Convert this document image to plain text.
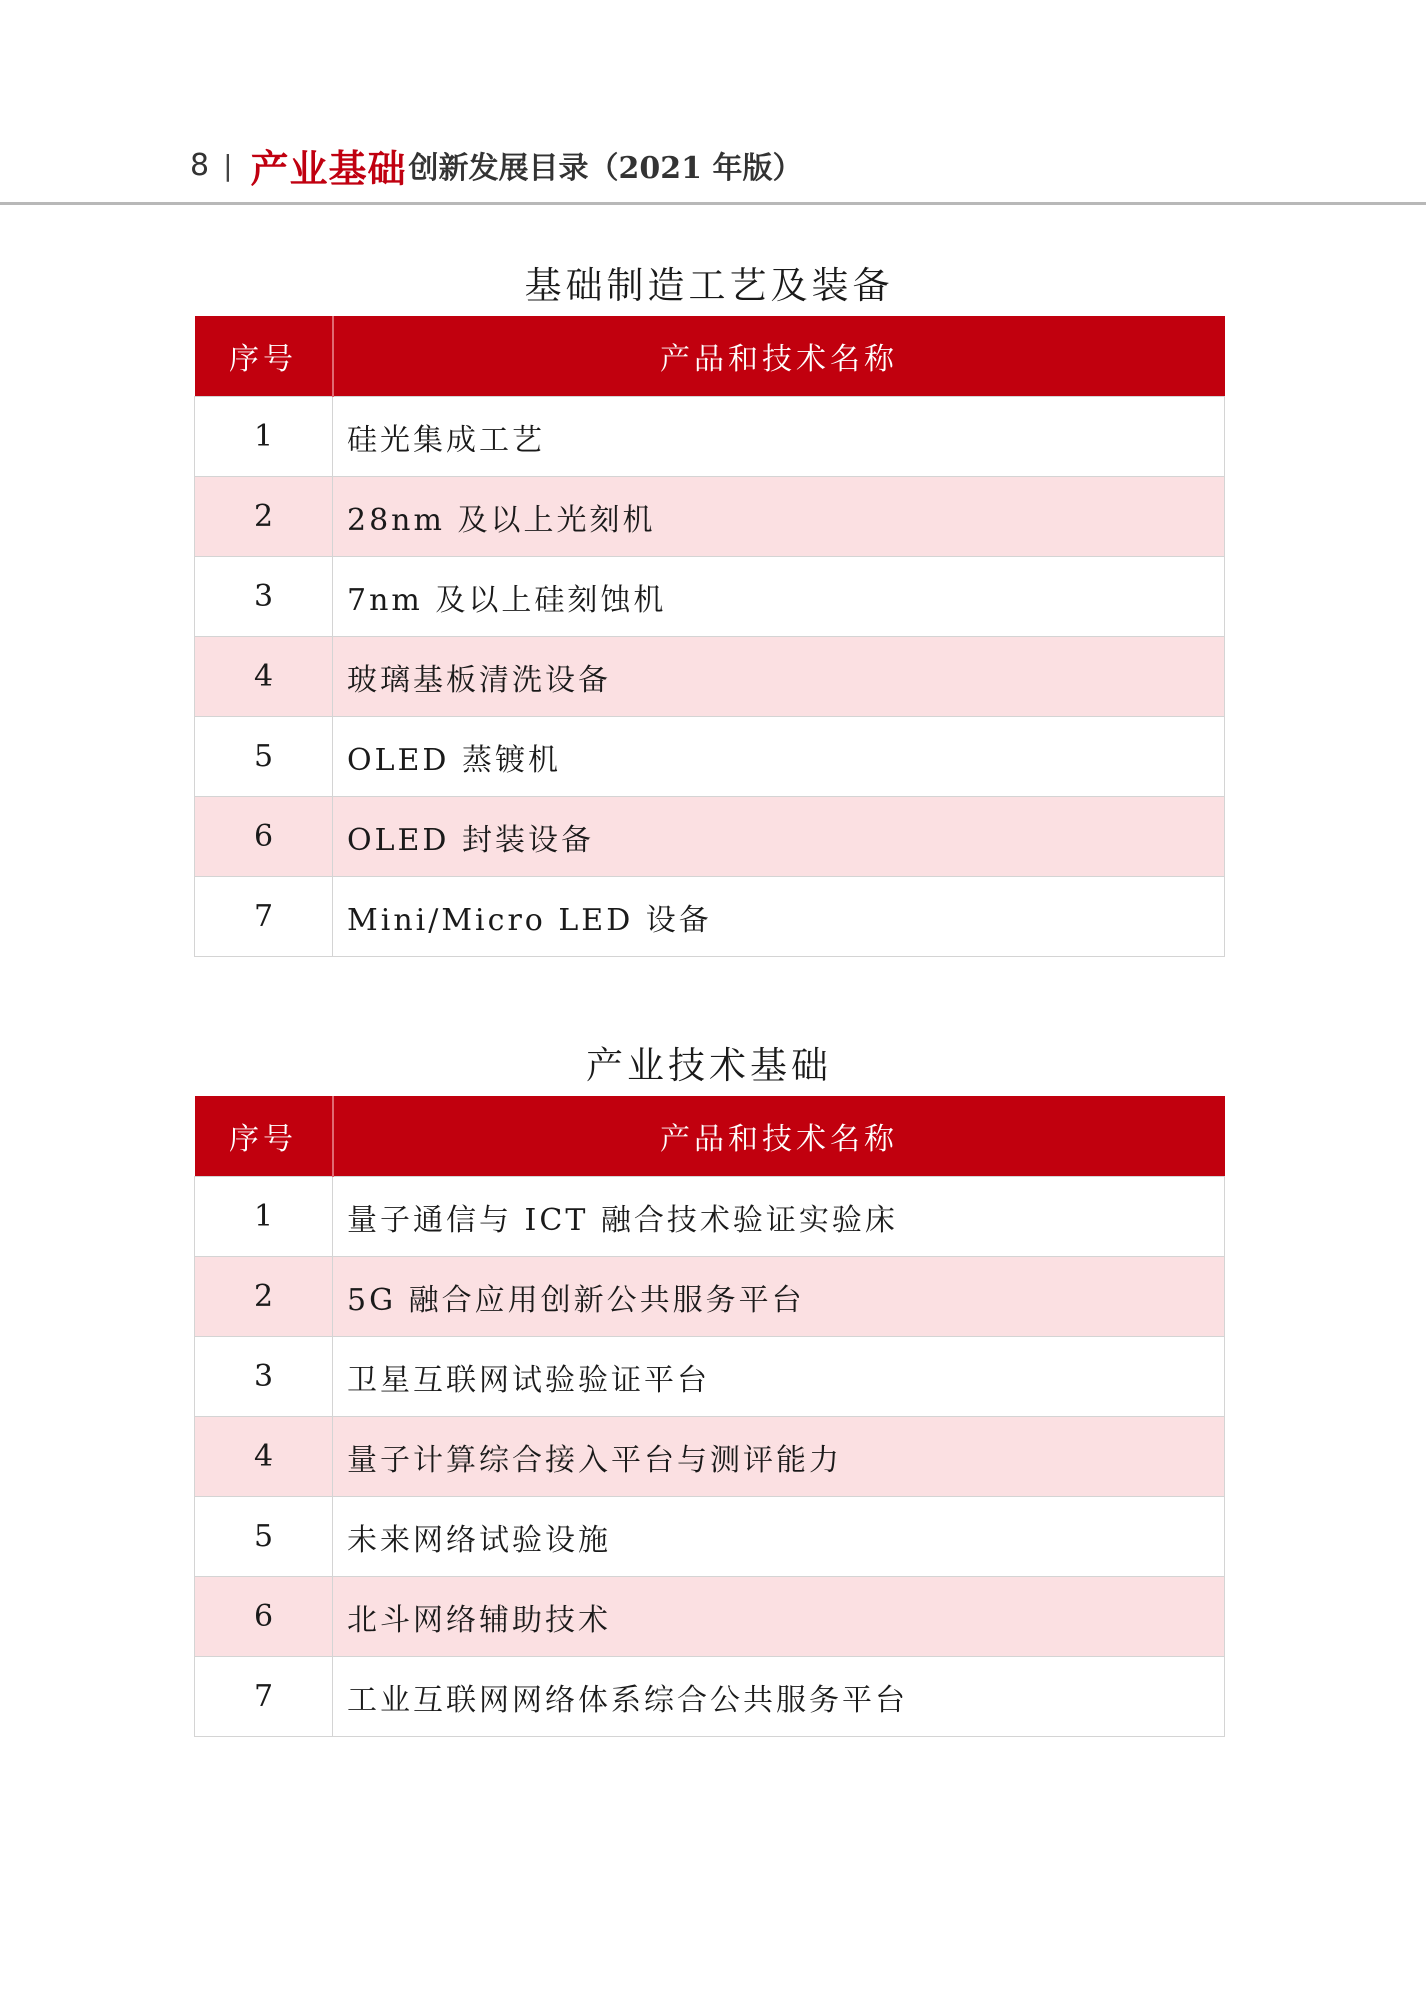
8 | 产业基础 创新发展目录（2021 年版）
基础制造工艺及装备
序号	产品和技术名称
1	硅光集成工艺
2	28nm 及以上光刻机
3	7nm 及以上硅刻蚀机
4	玻璃基板清洗设备
5	OLED 蒸镀机
6	OLED 封装设备
7	Mini/Micro LED 设备
产业技术基础
序号	产品和技术名称
1	量子通信与 ICT 融合技术验证实验床
2	5G 融合应用创新公共服务平台
3	卫星互联网试验验证平台
4	量子计算综合接入平台与测评能力
5	未来网络试验设施
6	北斗网络辅助技术
7	工业互联网网络体系综合公共服务平台
